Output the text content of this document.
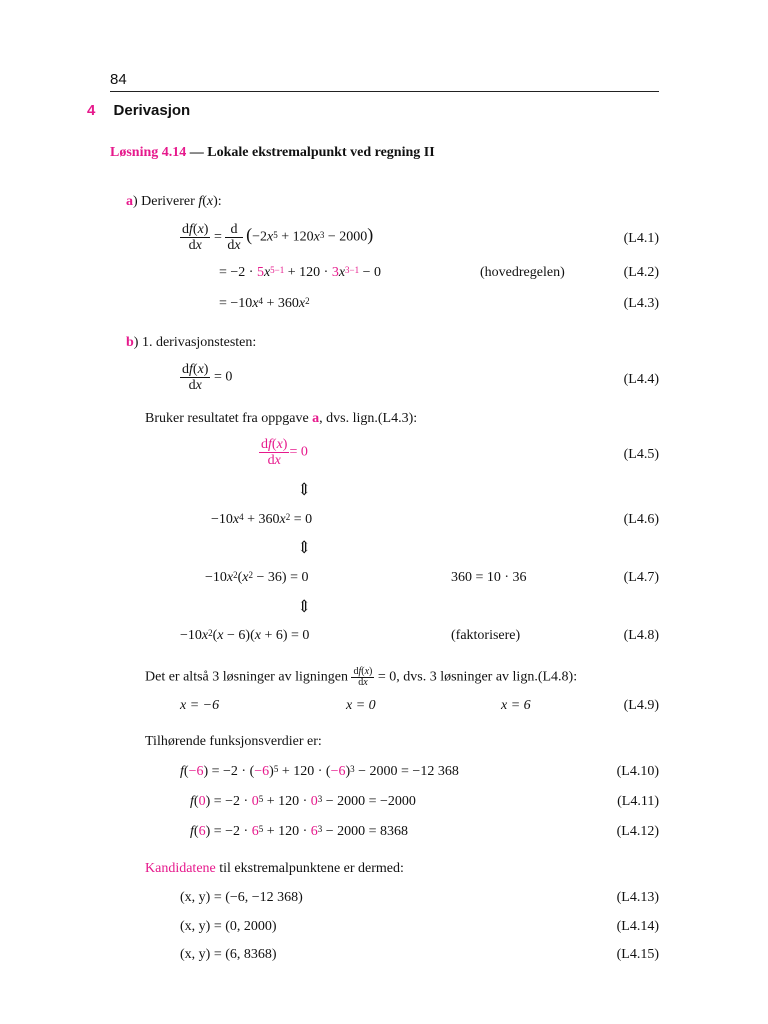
84
4 Derivasjon
Løsning 4.14 — Lokale ekstremalpunkt ved regning II
a) Deriverer f(x):
$\frac{df(x)}{dx} = \frac{d}{dx} (-2x^5 + 120x^3 - 2000)$	(L4.1)
= $-2 \cdot 5x^{5-1} + 120 \cdot 3x^{3-1} - 0$	(hovedregelen)	(L4.2)
= $-10x^4 + 360x^2$	(L4.3)
b) 1. derivasjonstesten:
$\frac{df(x)}{dx} = 0$	(L4.4)
Bruker resultatet fra oppgave a, dvs. lign.(L4.3):
$\frac{df(x)}{dx} = 0$	(L4.5)
⇕
$-10x^4 + 360x^2 = 0$	(L4.6)
⇕
$-10x^2(x^2 - 36) = 0$	360 = 10 · 36	(L4.7)
⇕
$-10x^2(x - 6)(x + 6) = 0$	(faktorisere)	(L4.8)
Det er altså 3 løsninger av ligningen $\frac{df(x)}{dx} = 0$, dvs. 3 løsninger av lign.(L4.8):
x = −6	x = 0	x = 6	(L4.9)
Tilhørende funksjonsverdier er:
$f(-6) = -2 \cdot (-6)^5 + 120 \cdot (-6)^3 - 2000 = -12$ 368	(L4.10)
$f(0) = -2 \cdot 0^5 + 120 \cdot 0^3 - 2000 = -2000$	(L4.11)
$f(6) = -2 \cdot 6^5 + 120 \cdot 6^3 - 2000 = 8368$	(L4.12)
Kandidatene til ekstremalpunktene er dermed:
(x, y) = (−6, −12 368)	(L4.13)
(x, y) = (0, 2000)	(L4.14)
(x, y) = (6, 8368)	(L4.15)
